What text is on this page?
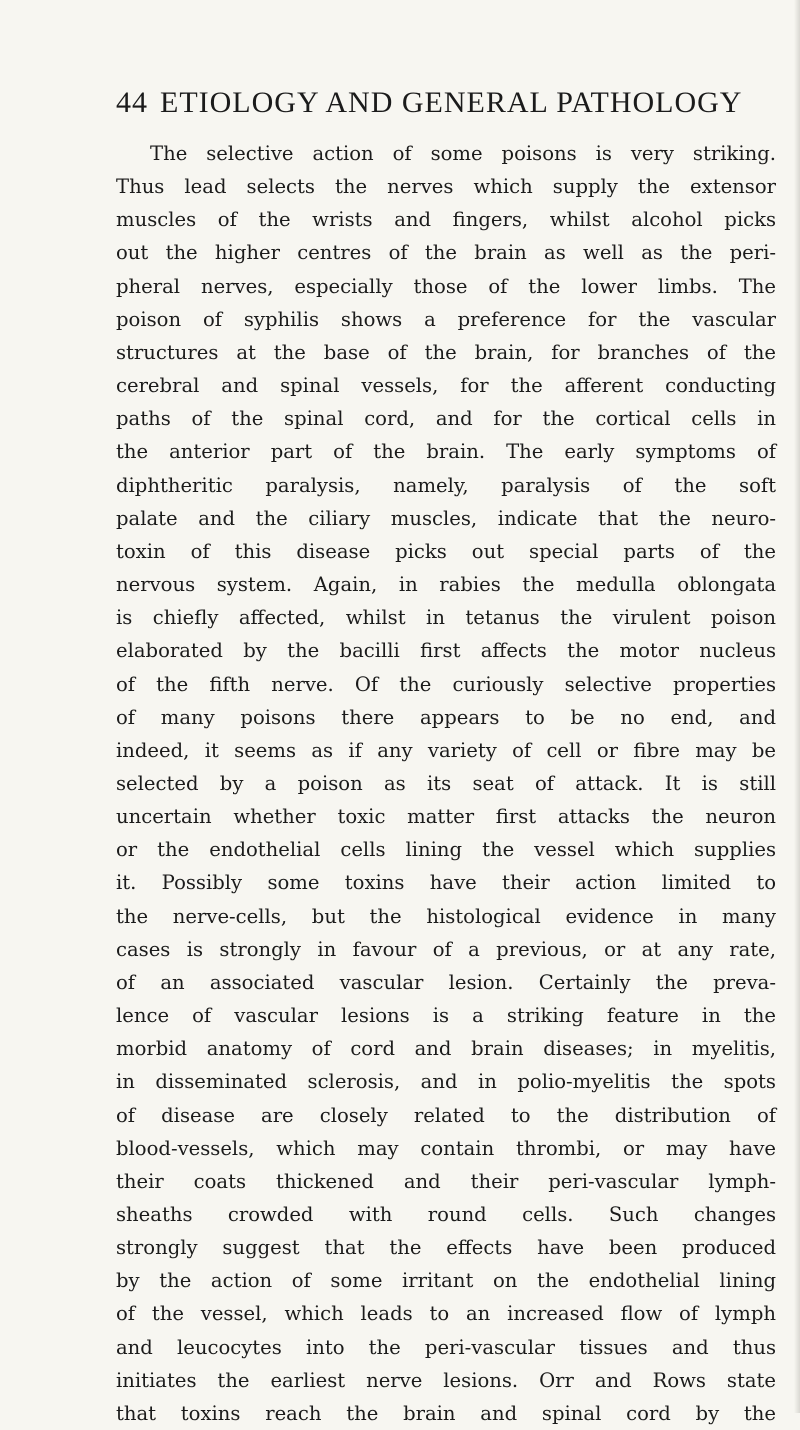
44 ETIOLOGY AND GENERAL PATHOLOGY
The selective action of some poisons is very striking.
Thus lead selects the nerves which supply the extensor
muscles of the wrists and fingers, whilst alcohol picks
out the higher centres of the brain as well as the peri-
pheral nerves, especially those of the lower limbs. The
poison of syphilis shows a preference for the vascular
structures at the base of the brain, for branches of the
cerebral and spinal vessels, for the afferent conducting
paths of the spinal cord, and for the cortical cells in
the anterior part of the brain. The early symptoms of
diphtheritic paralysis, namely, paralysis of the soft
palate and the ciliary muscles, indicate that the neuro-
toxin of this disease picks out special parts of the
nervous system. Again, in rabies the medulla oblongata
is chiefly affected, whilst in tetanus the virulent poison
elaborated by the bacilli first affects the motor nucleus
of the fifth nerve. Of the curiously selective properties
of many poisons there appears to be no end, and
indeed, it seems as if any variety of cell or fibre may be
selected by a poison as its seat of attack. It is still
uncertain whether toxic matter first attacks the neuron
or the endothelial cells lining the vessel which supplies
it. Possibly some toxins have their action limited to
the nerve-cells, but the histological evidence in many
cases is strongly in favour of a previous, or at any rate,
of an associated vascular lesion. Certainly the preva-
lence of vascular lesions is a striking feature in the
morbid anatomy of cord and brain diseases; in myelitis,
in disseminated sclerosis, and in polio-myelitis the spots
of disease are closely related to the distribution of
blood-vessels, which may contain thrombi, or may have
their coats thickened and their peri-vascular lymph-
sheaths crowded with round cells. Such changes
strongly suggest that the effects have been produced
by the action of some irritant on the endothelial lining
of the vessel, which leads to an increased flow of lymph
and leucocytes into the peri-vascular tissues and thus
initiates the earliest nerve lesions. Orr and Rows state
that toxins reach the brain and spinal cord by the
